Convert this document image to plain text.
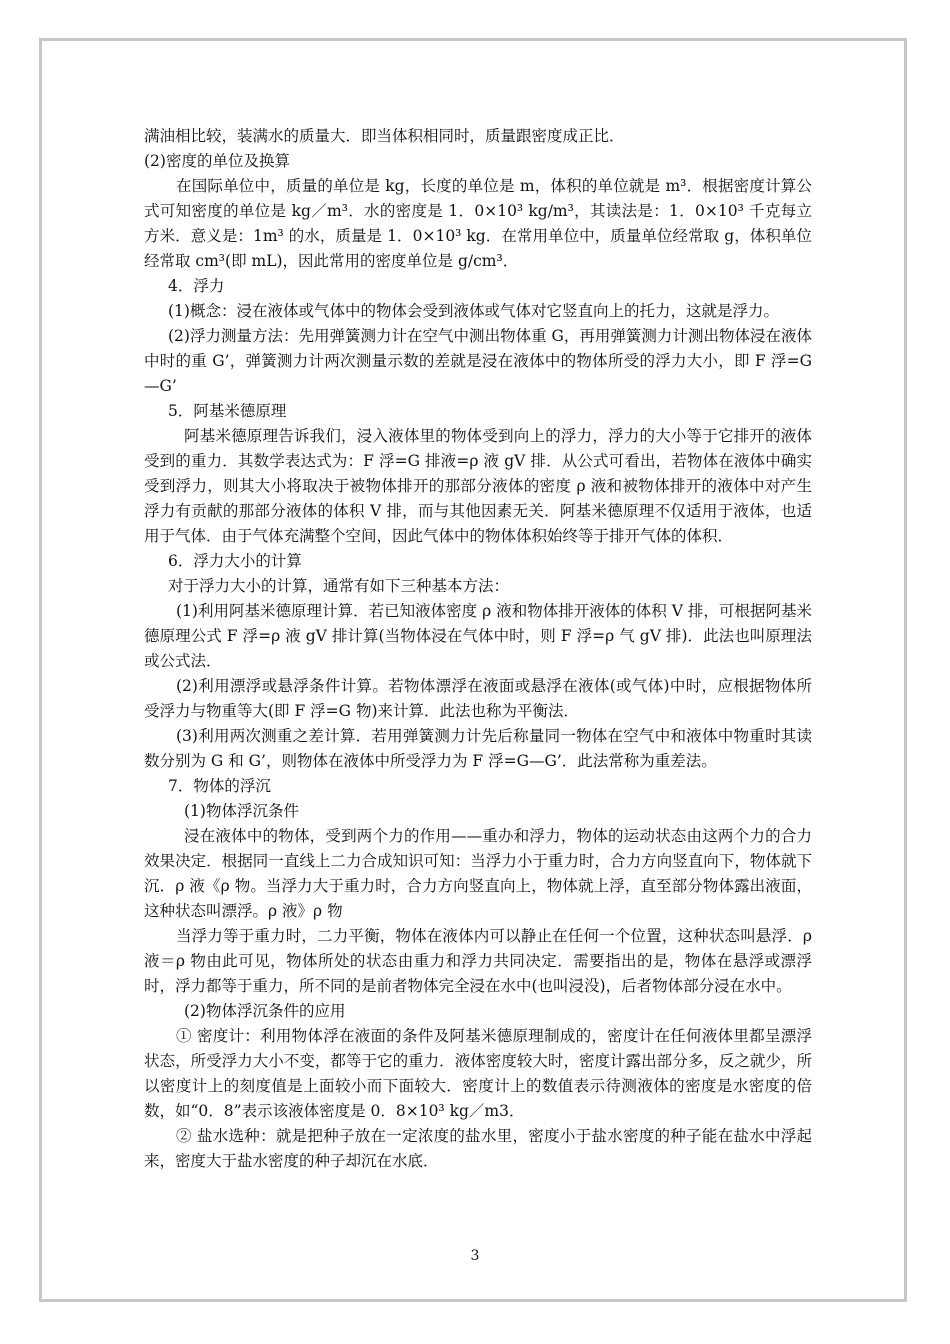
满油相比较，装满水的质量大．即当体积相同时，质量跟密度成正比．

(2)密度的单位及换算

在国际单位中，质量的单位是 kg，长度的单位是 m，体积的单位就是 m³．根据密度计算公式可知密度的单位是 kg／m³．水的密度是 1．0×10³ kg/m³，其读法是：1．0×10³ 千克每立方米．意义是：1m³ 的水，质量是 1．0×10³ kg．在常用单位中，质量单位经常取 g，体积单位经常取 cm³(即 mL)，因此常用的密度单位是 g/cm³．

4．浮力

(1)概念：浸在液体或气体中的物体会受到液体或气体对它竖直向上的托力，这就是浮力。

(2)浮力测量方法：先用弹簧测力计在空气中测出物体重 G，再用弹簧测力计测出物体浸在液体中时的重 G’，弹簧测力计两次测量示数的差就是浸在液体中的物体所受的浮力大小，即 F 浮=G—G’

5．阿基米德原理

阿基米德原理告诉我们，浸入液体里的物体受到向上的浮力，浮力的大小等于它排开的液体受到的重力．其数学表达式为：F 浮=G 排液=ρ 液 gV 排．从公式可看出，若物体在液体中确实受到浮力，则其大小将取决于被物体排开的那部分液体的密度 ρ 液和被物体排开的液体中对产生浮力有贡献的那部分液体的体积 V 排，而与其他因素无关．阿基米德原理不仅适用于液体，也适用于气体．由于气体充满整个空间，因此气体中的物体体积始终等于排开气体的体积．

6．浮力大小的计算

对于浮力大小的计算，通常有如下三种基本方法：

(1)利用阿基米德原理计算．若已知液体密度 ρ 液和物体排开液体的体积 V 排，可根据阿基米德原理公式 F 浮=ρ 液 gV 排计算(当物体浸在气体中时，则 F 浮=ρ 气 gV 排)．此法也叫原理法或公式法．

(2)利用漂浮或悬浮条件计算。若物体漂浮在液面或悬浮在液体(或气体)中时，应根据物体所受浮力与物重等大(即 F 浮=G 物)来计算．此法也称为平衡法．

(3)利用两次测重之差计算．若用弹簧测力计先后称量同一物体在空气中和液体中物重时其读数分别为 G 和 G’，则物体在液体中所受浮力为 F 浮=G—G’．此法常称为重差法。

7．物体的浮沉

(1)物体浮沉条件

浸在液体中的物体，受到两个力的作用——重办和浮力，物体的运动状态由这两个力的合力效果决定．根据同一直线上二力合成知识可知：当浮力小于重力时，合力方向竖直向下，物体就下沉．ρ 液《ρ 物。当浮力大于重力时，合力方向竖直向上，物体就上浮，直至部分物体露出液面，这种状态叫漂浮。ρ 液》ρ 物

当浮力等于重力时，二力平衡，物体在液体内可以静止在任何一个位置，这种状态叫悬浮．ρ 液＝ρ 物由此可见，物体所处的状态由重力和浮力共同决定．需要指出的是，物体在悬浮或漂浮时，浮力都等于重力，所不同的是前者物体完全浸在水中(也叫浸没)，后者物体部分浸在水中。

(2)物体浮沉条件的应用

① 密度计：利用物体浮在液面的条件及阿基米德原理制成的，密度计在任何液体里都呈漂浮状态，所受浮力大小不变，都等于它的重力．液体密度较大时，密度计露出部分多，反之就少，所以密度计上的刻度值是上面较小而下面较大．密度计上的数值表示待测液体的密度是水密度的倍数，如“0．8”表示该液体密度是 0．8×10³ kg／m3．

② 盐水选种：就是把种子放在一定浓度的盐水里，密度小于盐水密度的种子能在盐水中浮起来，密度大于盐水密度的种子却沉在水底．

3
